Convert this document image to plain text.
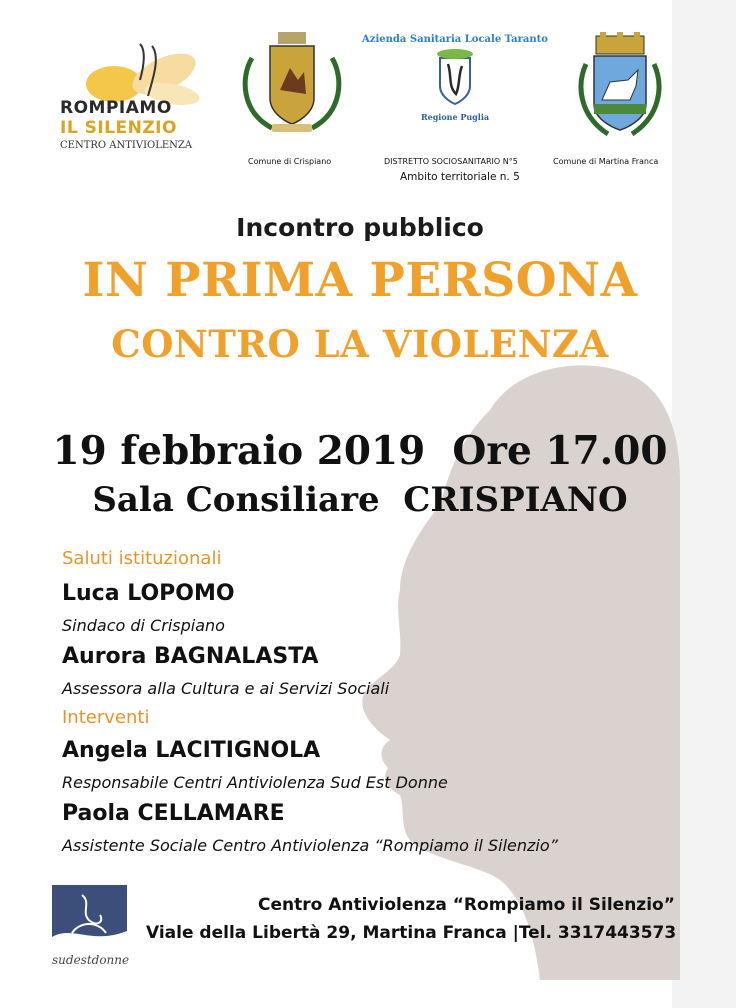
ROMPIAMO
IL SILENZIO
CENTRO ANTIVIOLENZA
Comune di Crispiano
Azienda Sanitaria Locale Taranto
Regione Puglia
DISTRETTO SOCIOSANITARIO N°5
Ambito territoriale n. 5
Comune di Martina Franca
Incontro pubblico
IN PRIMA PERSONA
CONTRO LA VIOLENZA
19 febbraio 2019  Ore 17.00
Sala Consiliare  CRISPIANO
Saluti istituzionali
Luca LOPOMO
Sindaco di Crispiano
Aurora BAGNALASTA
Assessora alla Cultura e ai Servizi Sociali
Interventi
Angela LACITIGNOLA
Responsabile Centri Antiviolenza Sud Est Donne
Paola CELLAMARE
Assistente Sociale Centro Antiviolenza “Rompiamo il Silenzio”
sudestdonne
Centro Antiviolenza “Rompiamo il Silenzio”
Viale della Libertà 29, Martina Franca |Tel. 3317443573
